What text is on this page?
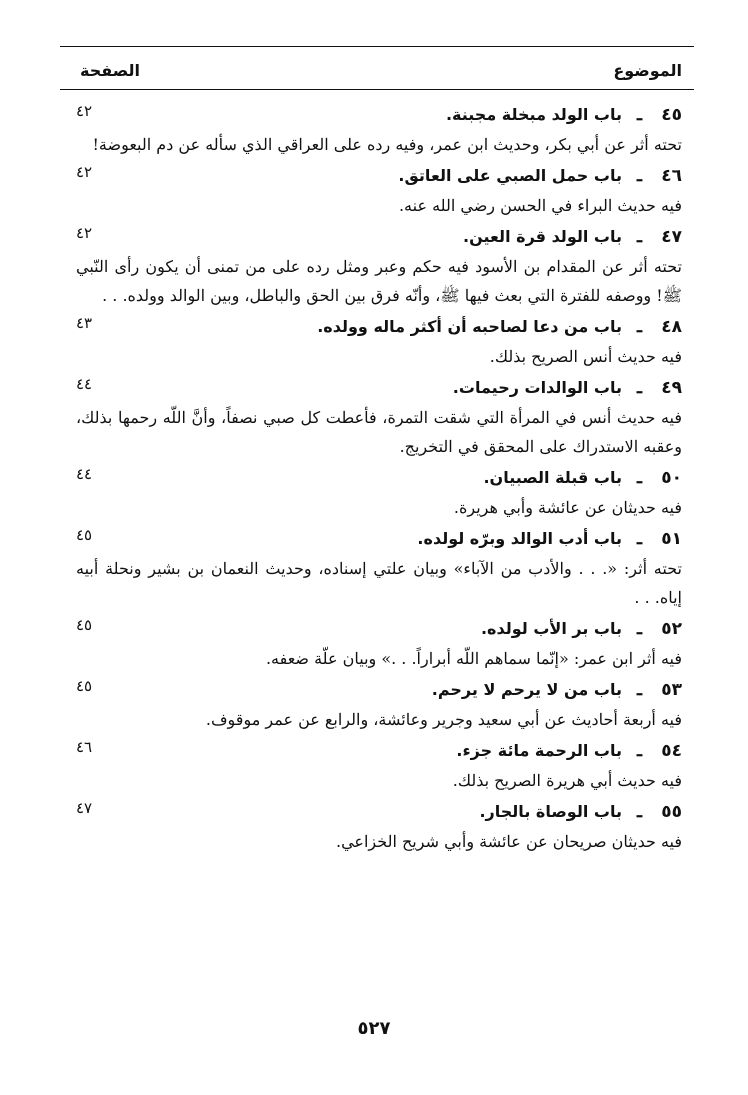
الموضوع
الصفحة
٤٥
ـ
باب الولد مبخلة مجبنة.
٤٢

تحته أثر عن أبي بكر، وحديث ابن عمر، وفيه رده على العراقي الذي سأله عن دم البعوضة!

٤٦
ـ
باب حمل الصبي على العاتق.
٤٢

فيه حديث البراء في الحسن رضي الله عنه.

٤٧
ـ
باب الولد قرة العين.
٤٢

تحته أثر عن المقدام بن الأسود فيه حكم وعبر ومثل رده على من تمنى أن يكون رأى النّبي ﷺ! ووصفه للفترة التي بعث فيها ﷺ، وأنّه فرق بين الحق والباطل، وبين الوالد وولده. . .

٤٨
ـ
باب من دعا لصاحبه أن أكثر ماله وولده.
٤٣

فيه حديث أنس الصريح بذلك.

٤٩
ـ
باب الوالدات رحيمات.
٤٤

فيه حديث أنس في المرأة التي شقت التمرة، فأعطت كل صبي نصفاً، وأنَّ اللّه رحمها بذلك، وعقبه الاستدراك على المحقق في التخريج.

٥٠
ـ
باب قبلة الصبيان.
٤٤

فيه حديثان عن عائشة وأبي هريرة.

٥١
ـ
باب أدب الوالد وبرّه لولده.
٤٥

تحته أثر: «. . . والأدب من الآباء» وبيان علتي إسناده، وحديث النعمان بن بشير ونحلة أبيه إياه. . .

٥٢
ـ
باب بر الأب لولده.
٤٥

فيه أثر ابن عمر: «إنّما سماهم اللّه أبراراً. . .» وبيان علّة ضعفه.

٥٣
ـ
باب من لا يرحم لا يرحم.
٤٥

فيه أربعة أحاديث عن أبي سعيد وجرير وعائشة، والرابع عن عمر موقوف.

٥٤
ـ
باب الرحمة مائة جزء.
٤٦

فيه حديث أبي هريرة الصريح بذلك.

٥٥
ـ
باب الوصاة بالجار.
٤٧

فيه حديثان صريحان عن عائشة وأبي شريح الخزاعي.

٥٢٧
